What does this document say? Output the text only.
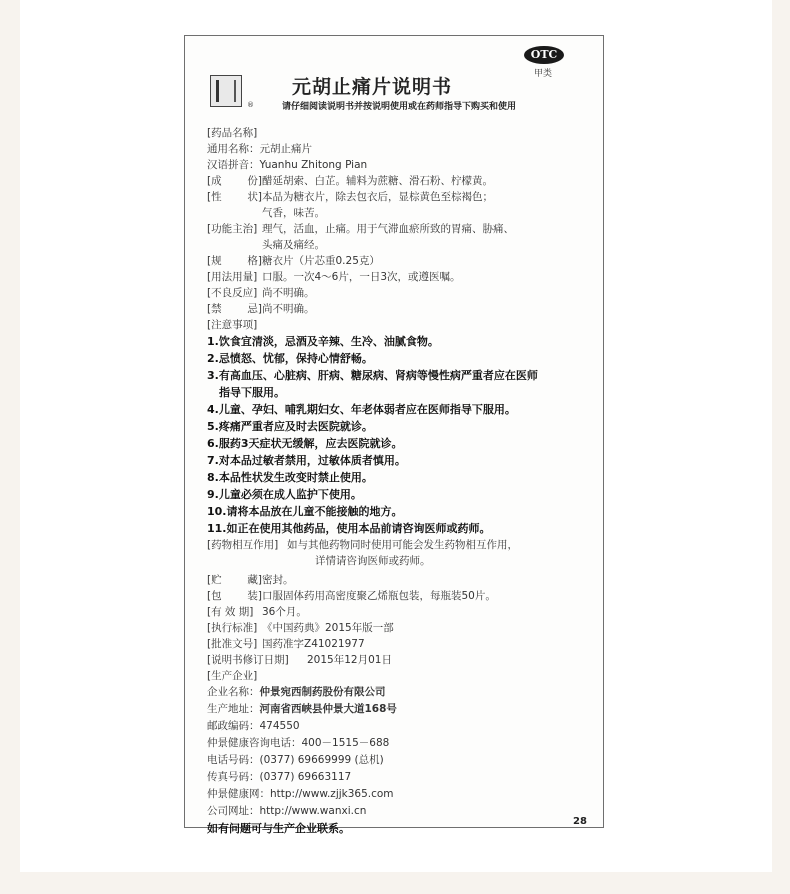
®
OTC
甲类
元胡止痛片说明书
请仔细阅读说明书并按说明使用或在药师指导下购买和使用
[药品名称]
通用名称： 元胡止痛片
汉语拼音： Yuanhu Zhitong Pian
[成 份] 醋延胡索、白芷。辅料为蔗糖、滑石粉、柠檬黄。
[性 状] 本品为糖衣片，除去包衣后，显棕黄色至棕褐色；
气香，味苦。
[功能主治] 理气，活血，止痛。用于气滞血瘀所致的胃痛、胁痛、
头痛及痛经。
[规 格] 糖衣片（片芯重0.25克）
[用法用量] 口服。一次4～6片，一日3次，或遵医嘱。
[不良反应] 尚不明确。
[禁 忌] 尚不明确。
[注意事项]
1.饮食宜清淡，忌酒及辛辣、生冷、油腻食物。
2.忌愤怒、忧郁，保持心情舒畅。
3.有高血压、心脏病、肝病、糖尿病、肾病等慢性病严重者应在医师
指导下服用。
4.儿童、孕妇、哺乳期妇女、年老体弱者应在医师指导下服用。
5.疼痛严重者应及时去医院就诊。
6.服药3天症状无缓解，应去医院就诊。
7.对本品过敏者禁用，过敏体质者慎用。
8.本品性状发生改变时禁止使用。
9.儿童必须在成人监护下使用。
10.请将本品放在儿童不能接触的地方。
11.如正在使用其他药品，使用本品前请咨询医师或药师。
[药物相互作用] 如与其他药物同时使用可能会发生药物相互作用，
详情请咨询医师或药师。
[贮 藏] 密封。
[包 装] 口服固体药用高密度聚乙烯瓶包装，每瓶装50片。
[有 效 期] 36个月。
[执行标准] 《中国药典》2015年版一部
[批准文号] 国药准字Z41021977
[说明书修订日期]	2015年12月01日
[生产企业]
企业名称： 仲景宛西制药股份有限公司
生产地址： 河南省西峡县仲景大道168号
邮政编码： 474550
仲景健康咨询电话： 400－1515－688
电话号码： (0377) 69669999 (总机)
传真号码： (0377) 69663117
仲景健康网： http://www.zjjk365.com
公司网址： http://www.wanxi.cn
如有问题可与生产企业联系。
28
